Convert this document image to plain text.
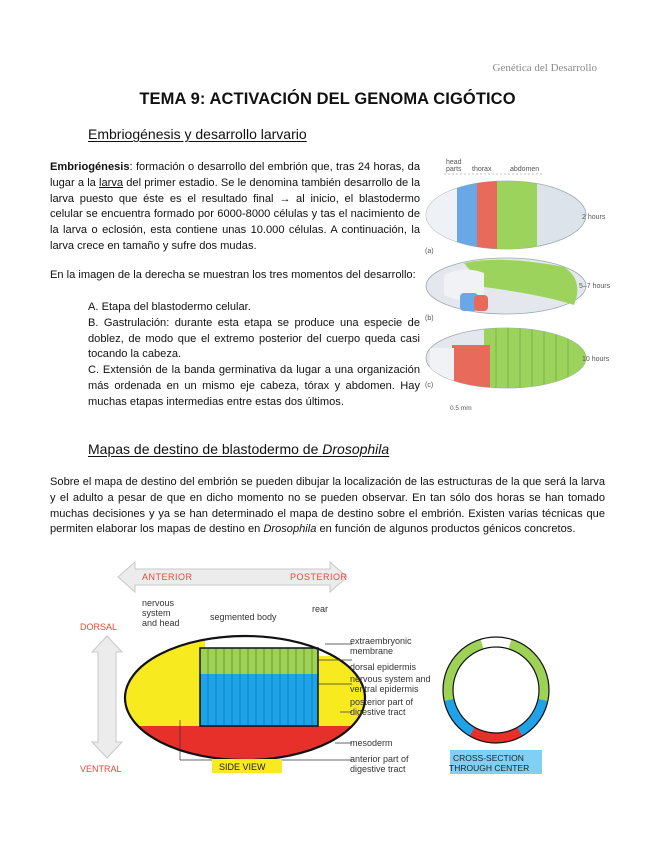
Genética del Desarrollo
TEMA 9: ACTIVACIÓN DEL GENOMA CIGÓTICO
Embriogénesis y desarrollo larvario
Embriogénesis: formación o desarrollo del embrión que, tras 24 horas, da lugar a la larva del primer estadio. Se le denomina también desarrollo de la larva puesto que éste es el resultado final → al inicio, el blastodermo celular se encuentra formado por 6000-8000 células y tas el nacimiento de la larva o eclosión, esta contiene unas 10.000 células. A continuación, la larva crece en tamaño y sufre dos mudas.
En la imagen de la derecha se muestran los tres momentos del desarrollo:
A. Etapa del blastodermo celular.
B. Gastrulación: durante esta etapa se produce una especie de doblez, de modo que el extremo posterior del cuerpo queda casi tocando la cabeza.
C. Extensión de la banda germinativa da lugar a una organización más ordenada en un mismo eje cabeza, tórax y abdomen. Hay muchas etapas intermedias entre estas dos últimos.
head
parts thorax	abdomen
(a)
2 hours
(b)
5–7 hours
(c)
10 hours
0.5 mm
Mapas de destino de blastodermo de Drosophila
Sobre el mapa de destino del embrión se pueden dibujar la localización de las estructuras de la que será la larva y el adulto a pesar de que en dicho momento no se pueden observar. En tan sólo dos horas se han tomado muchas decisiones y ya se han determinado el mapa de destino sobre el embrión. Existen varias técnicas que permiten elaborar los mapas de destino en Drosophila en función de algunos productos génicos concretos.
ANTERIOR	POSTERIOR
DORSAL
VENTRAL
nervous
system
and head
segmented body
rear
extraembryonic
membrane
dorsal epidermis
nervous system and
ventral epidermis
posterior part of
digestive tract
mesoderm
anterior part of
digestive tract
SIDE VIEW
CROSS-SECTION
THROUGH CENTER
